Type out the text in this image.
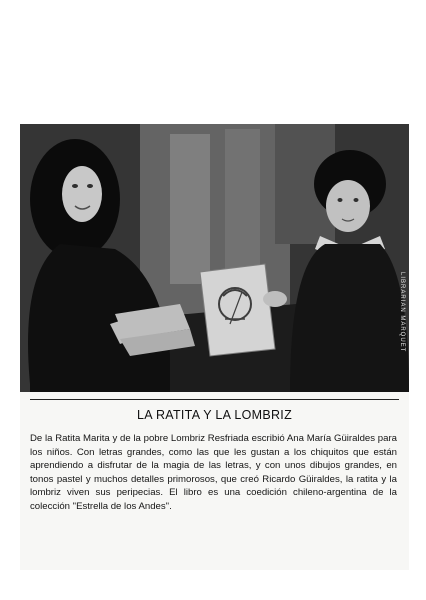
LIBRARIAN MARQUET
LA RATITA Y LA LOMBRIZ

De la Ratita Marita y de la pobre Lombriz Resfriada escribió Ana María Güiraldes para los niños. Con letras grandes, como las que les gustan a los chiquitos que están aprendiendo a disfrutar de la magia de las letras, y con unos dibujos grandes, en tonos pastel y muchos detalles primorosos, que creó Ricardo Güiraldes, la ratita y la lombriz viven sus peripecias. El libro es una coedición chileno-argentina de la colección "Estrella de los Andes".
